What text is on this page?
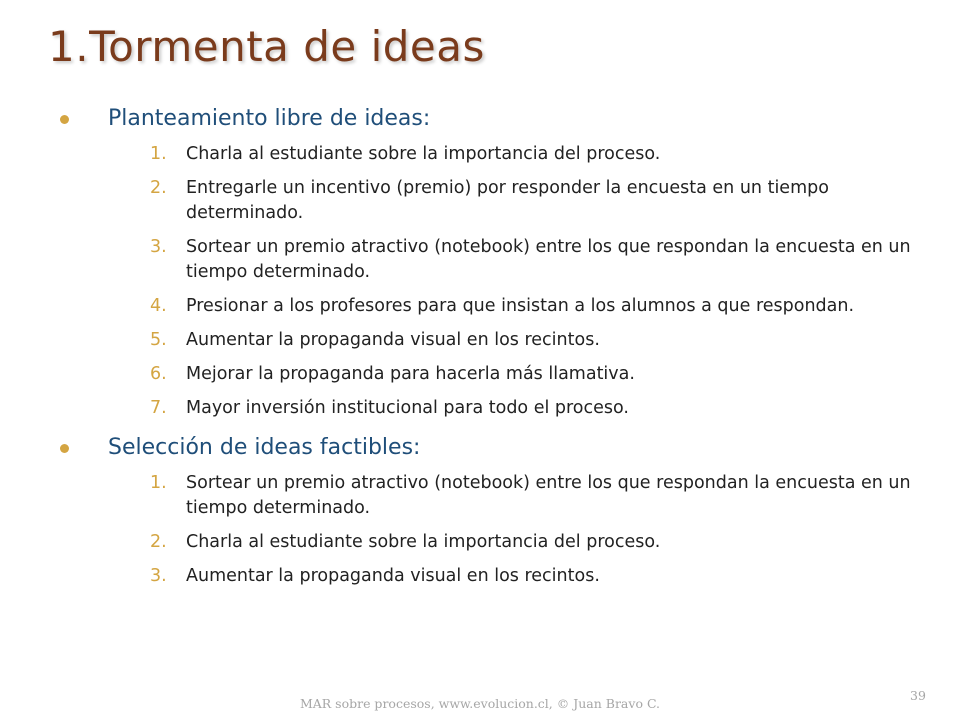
1.Tormenta de ideas
Planteamiento libre de ideas:
1. Charla al estudiante sobre la importancia del proceso.
2. Entregarle un incentivo (premio) por responder la encuesta en un tiempo determinado.
3. Sortear un premio atractivo (notebook) entre los que respondan la encuesta en un tiempo determinado.
4. Presionar a los profesores para que insistan a los alumnos a que respondan.
5. Aumentar la propaganda visual en los recintos.
6. Mejorar la propaganda para hacerla más llamativa.
7. Mayor inversión institucional para todo el proceso.
Selección de ideas factibles:
1. Sortear un premio atractivo (notebook) entre los que respondan la encuesta en un tiempo determinado.
2. Charla al estudiante sobre la importancia del proceso.
3. Aumentar la propaganda visual en los recintos.
MAR sobre procesos, www.evolucion.cl, © Juan Bravo C.
39
